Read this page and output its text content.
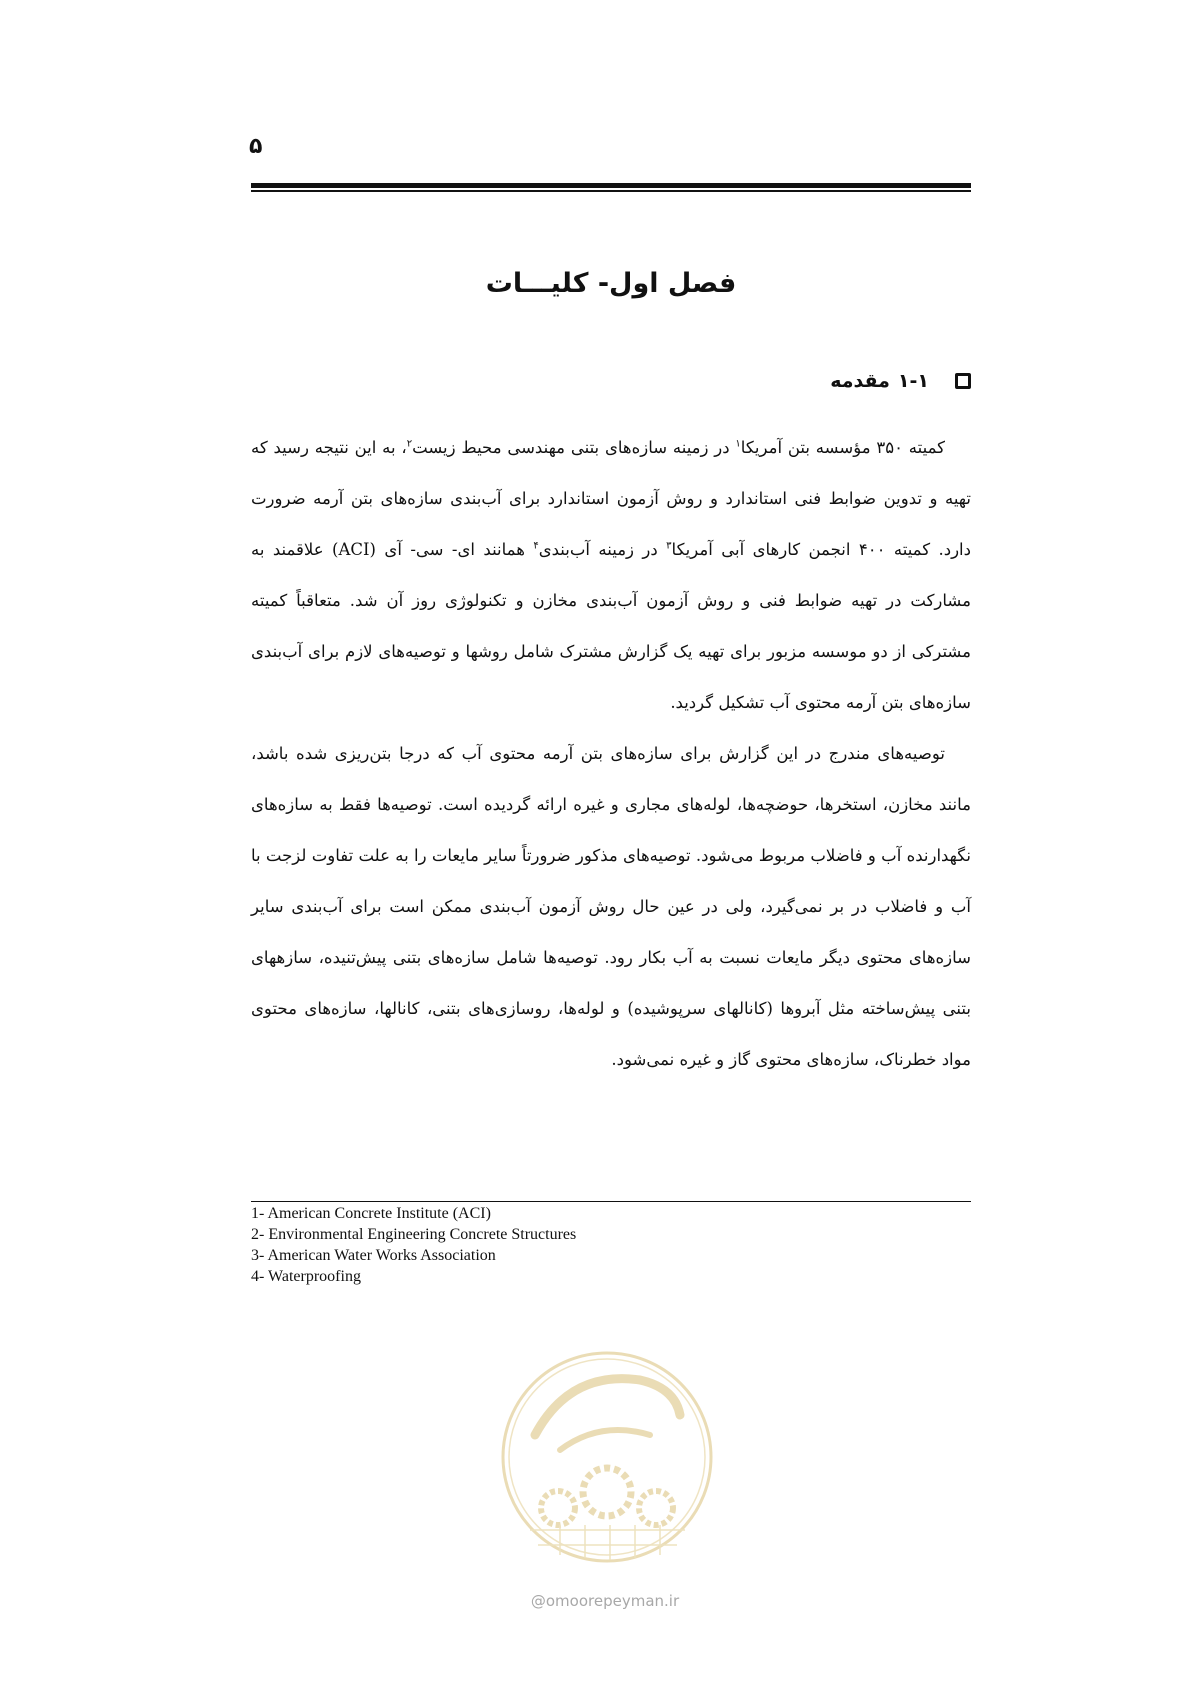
۵
فصل اول- کلیـــات
۱-۱
مقدمه

کمیته ۳۵۰ مؤسسه بتن آمریکا$^۱$ در زمینه سازه‌های بتنی مهندسی محیط زیست$^۲$، به این نتیجه رسید که تهیه و تدوین ضوابط فنی استاندارد و روش آزمون استاندارد برای آب‌بندی سازه‌های بتن آرمه ضرورت دارد. کمیته ۴۰۰ انجمن کارهای آبی آمریکا$^۳$ در زمینه آب‌بندی$^۴$ همانند ای- سی- آی (ACI) علاقمند به مشارکت در تهیه ضوابط فنی و روش آزمون آب‌بندی مخازن و تکنولوژی روز آن شد. متعاقباً کمیته مشترکی از دو موسسه مزبور برای تهیه یک گزارش مشترک شامل روشها و توصیه‌های لازم برای آب‌بندی سازه‌های بتن آرمه محتوی آب تشکیل گردید.

توصیه‌های مندرج در این گزارش برای سازه‌های بتن آرمه محتوی آب که درجا بتن‌ریزی شده باشد، مانند مخازن، استخرها، حوضچه‌ها، لوله‌های مجاری و غیره ارائه گردیده است. توصیه‌ها فقط به سازه‌های نگهدارنده آب و فاضلاب مربوط می‌شود. توصیه‌های مذکور ضرورتاً سایر مایعات را به علت تفاوت لزجت با آب و فاضلاب در بر نمی‌گیرد، ولی در عین حال روش آزمون آب‌بندی ممکن است برای آب‌بندی سایر سازه‌های محتوی دیگر مایعات نسبت به آب بکار رود. توصیه‌ها شامل سازه‌های بتنی پیش‌تنیده، سازههای بتنی پیش‌ساخته مثل آبروها (کانالهای سرپوشیده) و لوله‌ها، روسازی‌های بتنی، کانالها، سازه‌های محتوی مواد خطرناک، سازه‌های محتوی گاز و غیره نمی‌شود.

1- American Concrete Institute (ACI)
2- Environmental Engineering Concrete Structures
3- American Water Works Association
4- Waterproofing
@omoorepeyman.ir
